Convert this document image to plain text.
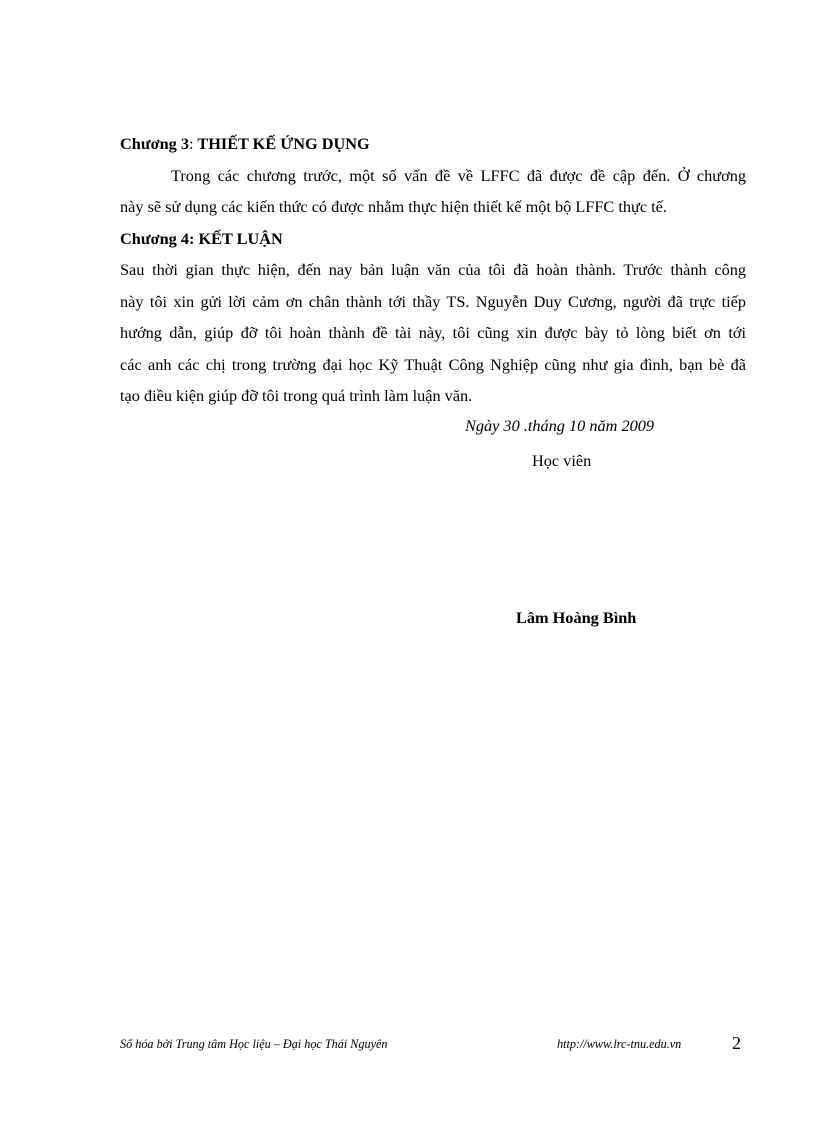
Chương 3: THIẾT KẾ ỨNG DỤNG

Trong các chương trước, một số vấn đề về LFFC đã được đề cập đến. Ở chương
này sẽ sử dụng các kiến thức có được nhằm thực hiện thiết kế một bộ LFFC thực tế.

Chương 4: KẾT LUẬN

Sau thời gian thực hiện, đến nay bản luận văn của tôi đã hoàn thành. Trước thành công
này tôi xin gửi lời cảm ơn chân thành tới thầy TS. Nguyễn Duy Cương, người đã trực tiếp
hướng dẫn, giúp đỡ tôi hoàn thành đề tài này, tôi cũng xin được bày tỏ lòng biết ơn tới
các anh các chị trong trường đại học Kỹ Thuật Công Nghiệp cũng như gia đình, bạn bè đã
tạo điều kiện giúp đỡ tôi trong quá trình làm luận văn.

Ngày 30 .tháng 10 năm 2009
Học viên
Lâm Hoàng Bình
Số hóa bởi Trung tâm Học liệu – Đại học Thái Nguyên	http://www.lrc-tnu.edu.vn	2
